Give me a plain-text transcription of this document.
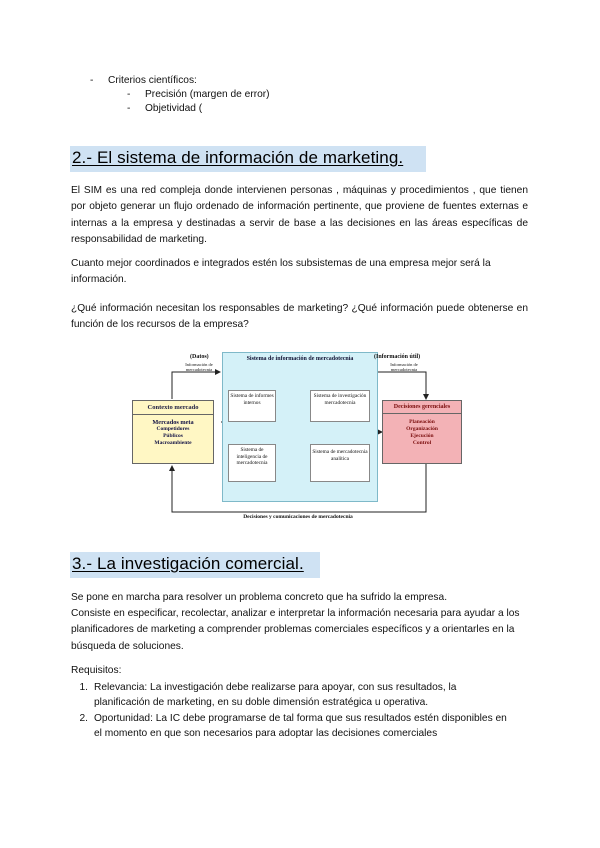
- Criterios científicos:
- Precisión (margen de error)
- Objetividad (
2.- El sistema de información de marketing.
El SIM es una red compleja donde intervienen personas , máquinas y procedimientos , que tienen por objeto generar un flujo ordenado de información pertinente, que proviene de fuentes externas e internas a la empresa y destinadas a servir de base a las decisiones en las áreas específicas de responsabilidad de marketing.
Cuanto mejor coordinados e integrados estén los subsistemas de una empresa mejor será la información.
¿Qué información necesitan los responsables de marketing? ¿Qué información puede obtenerse en función de los recursos de la empresa?
Sistema de información de mercadotecnia
(Datos)
Información de mercadotecnia
(Información útil)
Información de mercadotecnia
Contexto mercado
Mercados meta
Competidores
Públicos
Macroambiente
Decisiones gerenciales
Planeación
Organización
Ejecución
Control
Sistema de informes internos
Sistema de investigación mercadotecnia
Sistema de inteligencia de mercadotecnia
Sistema de mercadotecnia analítica
Decisiones y comunicaciones de mercadotecnia
3.- La investigación comercial.
Se pone en marcha para resolver un problema concreto que ha sufrido la empresa.
Consiste en especificar, recolectar, analizar e interpretar la información necesaria para ayudar a los planificadores de marketing a comprender problemas comerciales específicos y a orientarles en la búsqueda de soluciones.
Requisitos:
1. Relevancia: La investigación debe realizarse para apoyar, con sus resultados, la planificación de marketing, en su doble dimensión estratégica u operativa.
2. Oportunidad: La IC debe programarse de tal forma que sus resultados estén disponibles en el momento en que son necesarios para adoptar las decisiones comerciales
